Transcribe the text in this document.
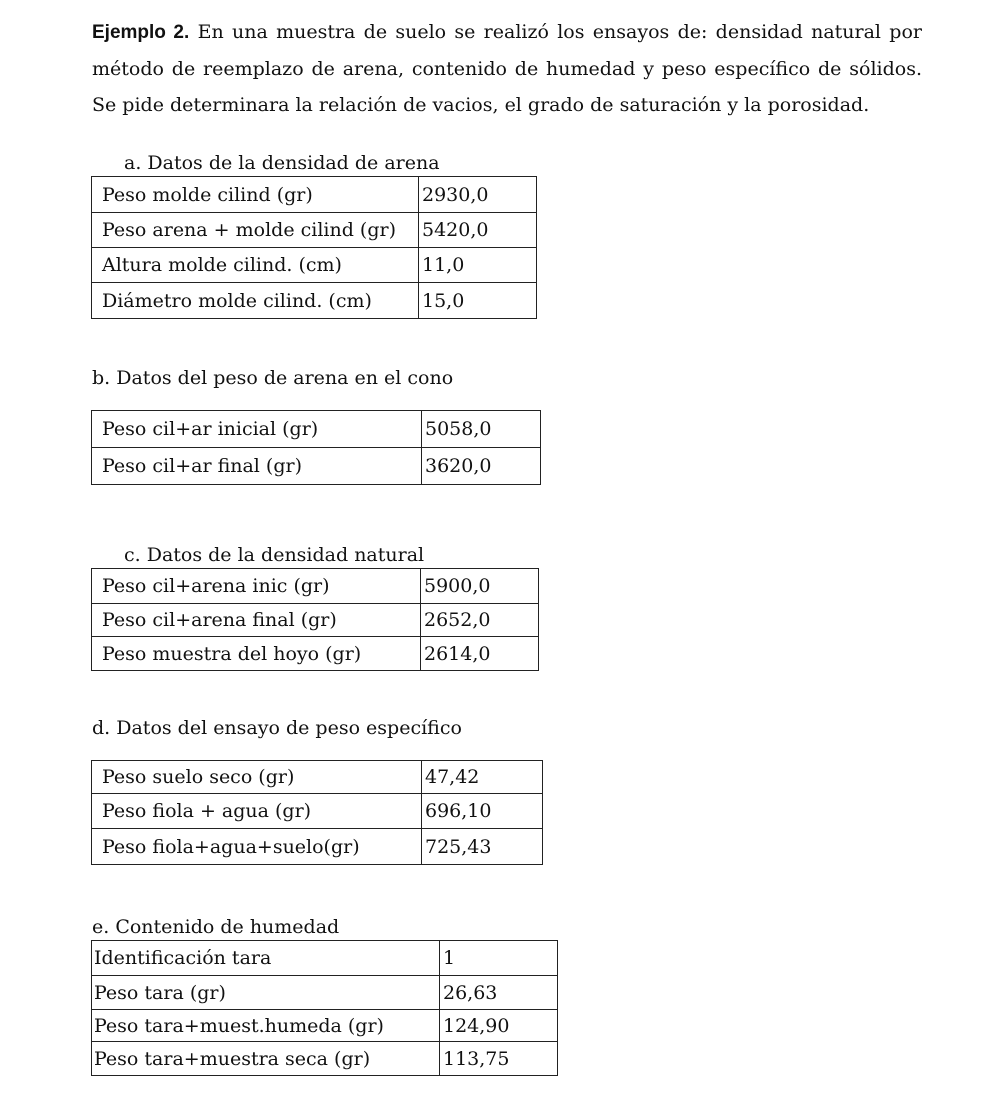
Ejemplo 2. En una muestra de suelo se realizó los ensayos de: densidad natural por método de reemplazo de arena, contenido de humedad y peso específico de sólidos. Se pide determinara la relación de vacios, el grado de saturación y la porosidad.
a. Datos de la densidad de arena
Peso molde cilind (gr)	2930,0
Peso arena + molde cilind (gr)	5420,0
Altura molde cilind. (cm)	11,0
Diámetro molde cilind. (cm)	15,0
b. Datos del peso de arena en el cono
Peso cil+ar inicial (gr)	5058,0
Peso cil+ar final (gr)	3620,0
c. Datos de la densidad natural
Peso cil+arena inic (gr)	5900,0
Peso cil+arena final (gr)	2652,0
Peso muestra del hoyo (gr)	2614,0
d. Datos del ensayo de peso específico
Peso suelo seco (gr)	47,42
Peso fiola + agua (gr)	696,10
Peso fiola+agua+suelo(gr)	725,43
e. Contenido de humedad
Identificación tara	1
Peso tara (gr)	26,63
Peso tara+muest.humeda (gr)	124,90
Peso tara+muestra seca (gr)	113,75
